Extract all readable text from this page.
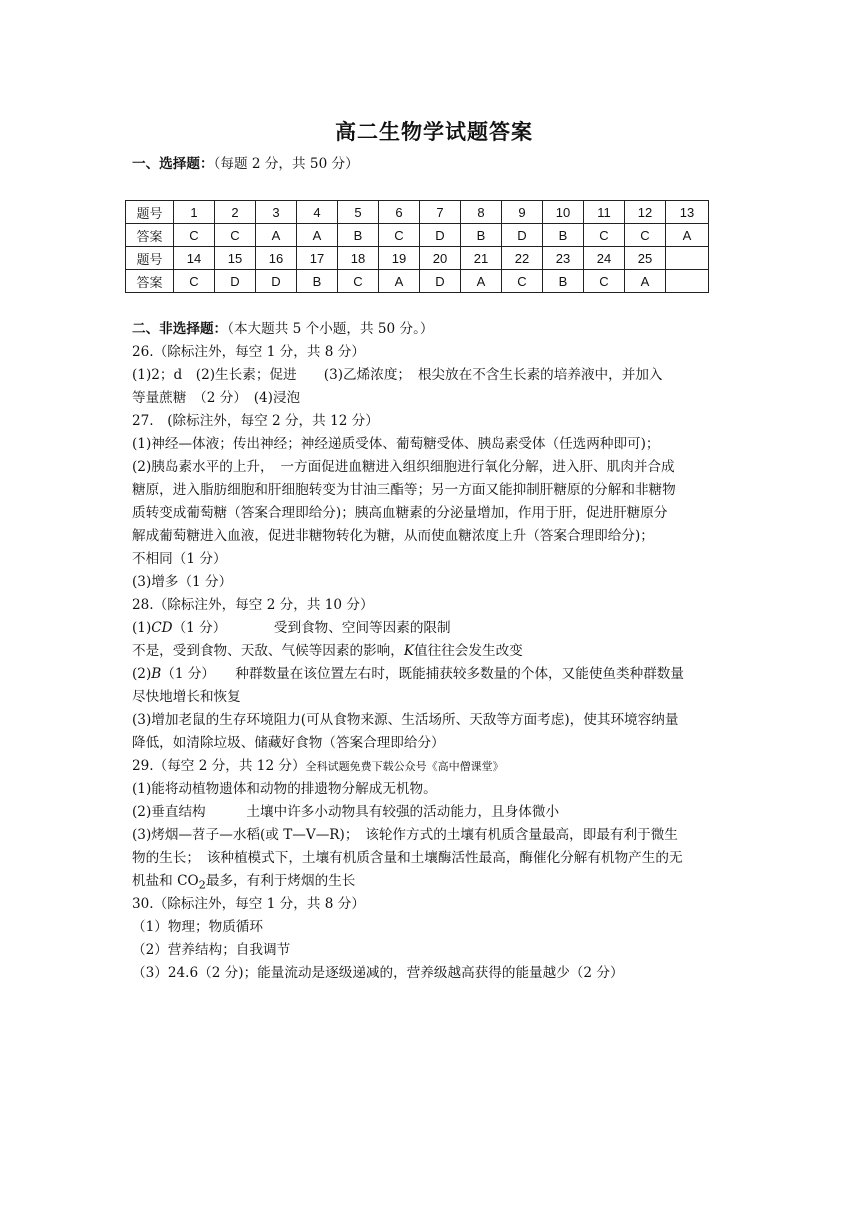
高二生物学试题答案
一、选择题：（每题 2 分，共 50 分）
题号	1	2	3	4	5	6	7	8	9	10	11	12	13
答案	C	C	A	A	B	C	D	B	D	B	C	C	A
题号	14	15	16	17	18	19	20	21	22	23	24	25	
答案	C	D	D	B	C	A	D	A	C	B	C	A	
二、非选择题：（本大题共 5 个小题，共 50 分。）
26.（除标注外，每空 1 分，共 8 分）
(1)2；d　(2)生长素；促进　　(3)乙烯浓度；　根尖放在不含生长素的培养液中，并加入
等量蔗糖　（2 分）　(4)浸泡
27.　(除标注外，每空 2 分，共 12 分）
(1)神经—体液；传出神经；神经递质受体、葡萄糖受体、胰岛素受体（任选两种即可)；
(2)胰岛素水平的上升，　一方面促进血糖进入组织细胞进行氧化分解，进入肝、肌肉并合成
糖原，进入脂肪细胞和肝细胞转变为甘油三酯等；另一方面又能抑制肝糖原的分解和非糖物
质转变成葡萄糖（答案合理即给分)；胰高血糖素的分泌量增加，作用于肝，促进肝糖原分
解成葡萄糖进入血液，促进非糖物转化为糖，从而使血糖浓度上升（答案合理即给分)；
不相同（1 分）
(3)增多（1 分）
28.（除标注外，每空 2 分，共 10 分）
(1)CD（1 分）　　　　受到食物、空间等因素的限制
不是，受到食物、天敌、气候等因素的影响，K值往往会发生改变
(2)B（1 分）　　种群数量在该位置左右时，既能捕获较多数量的个体，又能使鱼类种群数量
尽快地增长和恢复
(3)增加老鼠的生存环境阻力(可从食物来源、生活场所、天敌等方面考虑)，使其环境容纳量
降低，如清除垃圾、储藏好食物（答案合理即给分）
29.（每空 2 分，共 12 分）全科试题免费下载公众号《高中僧课堂》
(1)能将动植物遗体和动物的排遗物分解成无机物。
(2)垂直结构　　　土壤中许多小动物具有较强的活动能力，且身体微小
(3)烤烟—苕子—水稻(或 T—V—R)；　该轮作方式的土壤有机质含量最高，即最有利于微生
物的生长；　该种植模式下，土壤有机质含量和土壤酶活性最高，酶催化分解有机物产生的无
机盐和 $CO_2$最多，有利于烤烟的生长
30.（除标注外，每空 1 分，共 8 分）
（1）物理；物质循环
（2）营养结构；自我调节
（3）24.6（2 分)；能量流动是逐级递减的，营养级越高获得的能量越少（2 分）
